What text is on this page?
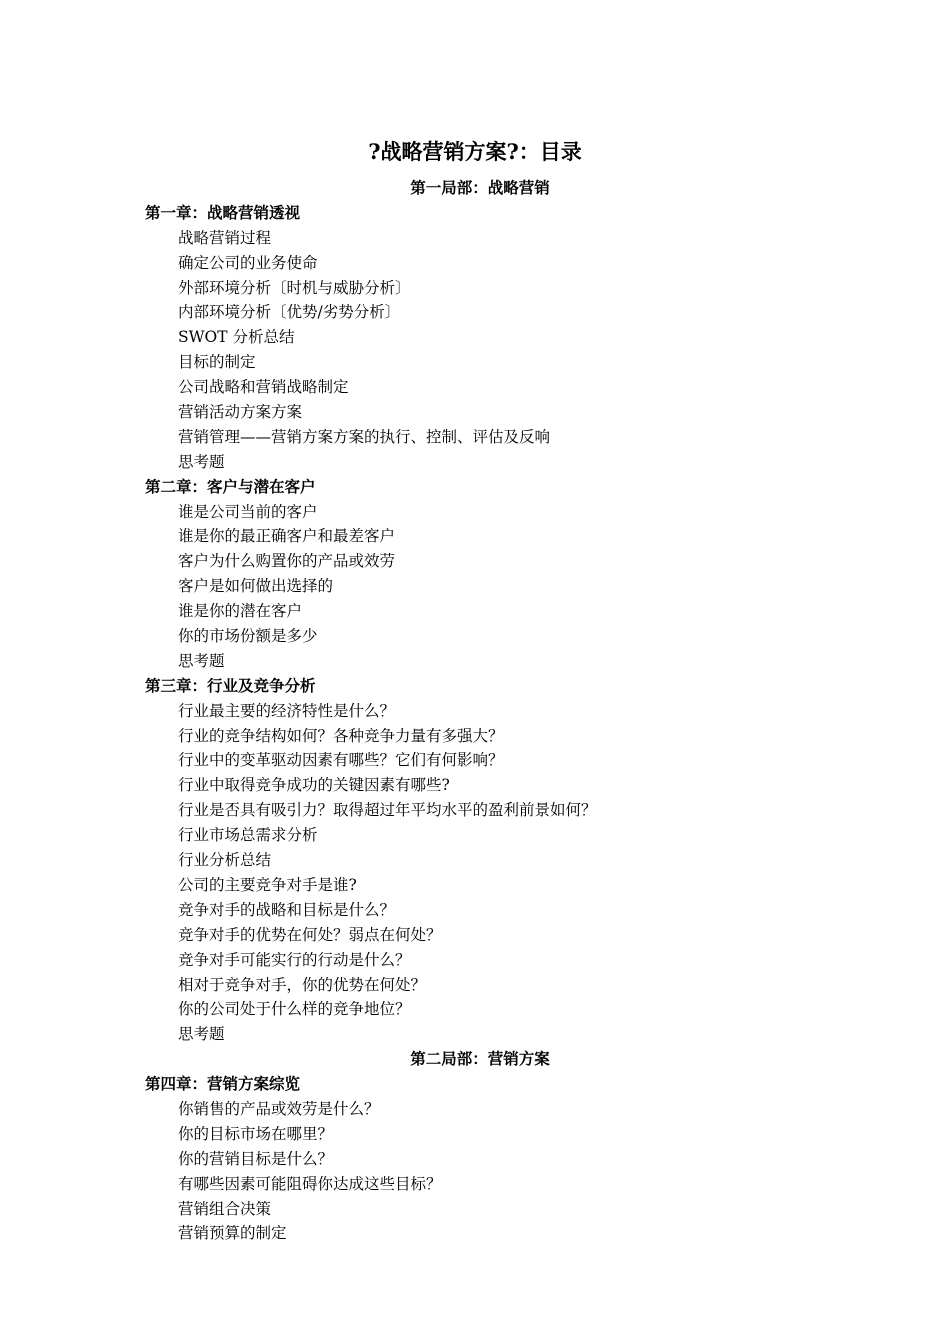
?战略营销方案?：目录
第一局部：战略营销
第一章：战略营销透视
战略营销过程
确定公司的业务使命
外部环境分析〔时机与威胁分析〕
内部环境分析〔优势/劣势分析〕
SWOT 分析总结
目标的制定
公司战略和营销战略制定
营销活动方案方案
营销管理——营销方案方案的执行、控制、评估及反响
思考题
第二章：客户与潜在客户
谁是公司当前的客户
谁是你的最正确客户和最差客户
客户为什么购置你的产品或效劳
客户是如何做出选择的
谁是你的潜在客户
你的市场份额是多少
思考题
第三章：行业及竞争分析
行业最主要的经济特性是什么？
行业的竞争结构如何？各种竞争力量有多强大？
行业中的变革驱动因素有哪些？它们有何影响？
行业中取得竞争成功的关键因素有哪些?
行业是否具有吸引力？取得超过年平均水平的盈利前景如何？
行业市场总需求分析
行业分析总结
公司的主要竞争对手是谁?
竞争对手的战略和目标是什么？
竞争对手的优势在何处？弱点在何处？
竞争对手可能实行的行动是什么？
相对于竞争对手，你的优势在何处？
你的公司处于什么样的竞争地位？
思考题
第二局部：营销方案
第四章：营销方案综览
你销售的产品或效劳是什么？
你的目标市场在哪里？
你的营销目标是什么？
有哪些因素可能阻碍你达成这些目标？
营销组合决策
营销预算的制定
